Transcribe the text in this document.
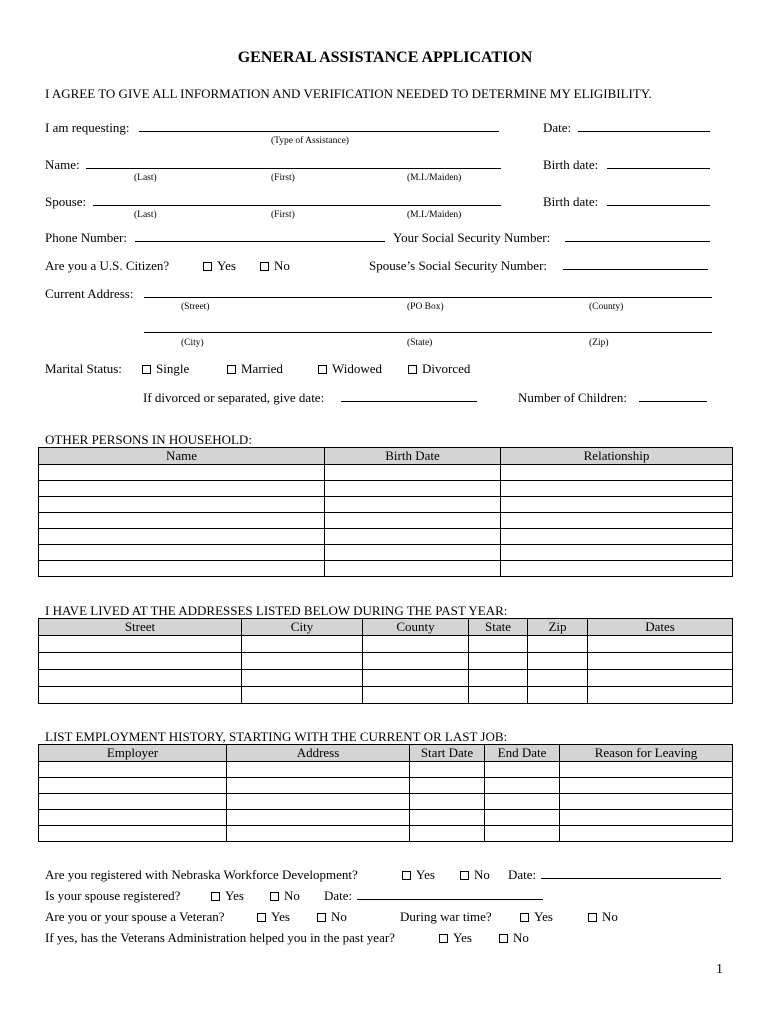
GENERAL ASSISTANCE APPLICATION
I AGREE TO GIVE ALL INFORMATION AND VERIFICATION NEEDED TO DETERMINE MY ELIGIBILITY.
I am requesting:
(Type of Assistance)
Date:
Name:
(Last)	(First)	(M.I./Maiden)
Birth date:
Spouse:
(Last)	(First)	(M.I./Maiden)
Birth date:
Phone Number:	Your Social Security Number:
Are you a U.S. Citizen?	Yes	No	Spouse’s Social Security Number:
Current Address:
(Street)	(PO Box)	(County)
(City)	(State)	(Zip)
Marital Status:	Single	Married	Widowed	Divorced
If divorced or separated, give date:	Number of Children:
OTHER PERSONS IN HOUSEHOLD:
Name	Birth Date	Relationship

I HAVE LIVED AT THE ADDRESSES LISTED BELOW DURING THE PAST YEAR:
Street	City	County	State	Zip	Dates

LIST EMPLOYMENT HISTORY, STARTING WITH THE CURRENT OR LAST JOB:
Employer	Address	Start Date	End Date	Reason for Leaving

Are you registered with Nebraska Workforce Development?	Yes	No Date:
Is your spouse registered?	Yes	No Date:
Are you or your spouse a Veteran?	Yes	No	During war time?	Yes	No
If yes, has the Veterans Administration helped you in the past year?	Yes	No
1
